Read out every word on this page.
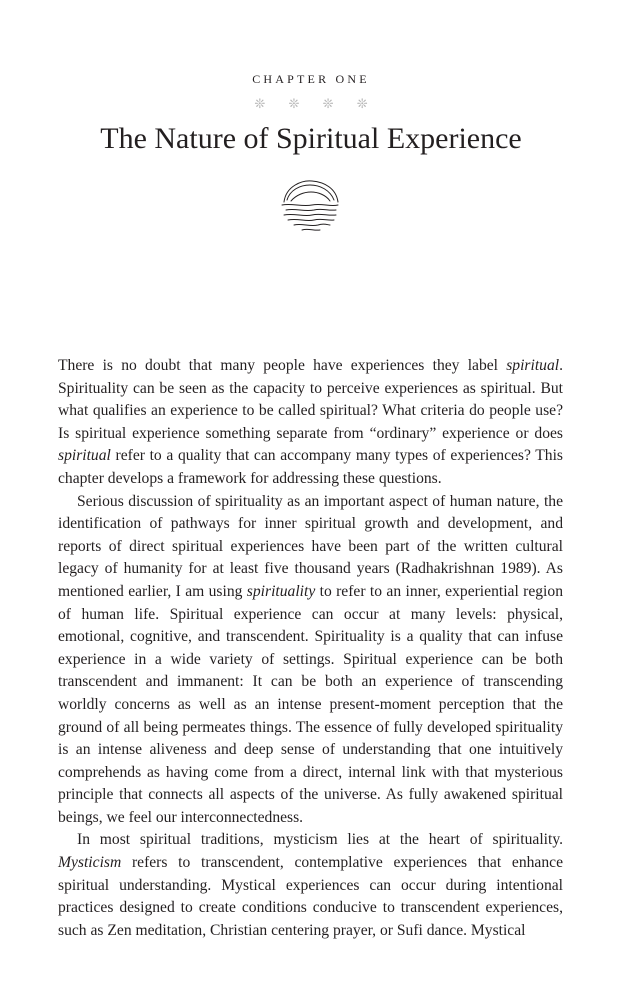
CHAPTER ONE
❊ ❊ ❊ ❊
The Nature of Spiritual Experience

There is no doubt that many people have experiences they label spiritual. Spirituality can be seen as the capacity to perceive experiences as spiritual. But what qualifies an experience to be called spiritual? What criteria do people use? Is spiritual experience something separate from “ordinary” experience or does spiritual refer to a quality that can accompany many types of experiences? This chapter develops a framework for addressing these questions.

Serious discussion of spirituality as an important aspect of human nature, the identification of pathways for inner spiritual growth and development, and reports of direct spiritual experiences have been part of the written cultural legacy of humanity for at least five thousand years (Radhakrishnan 1989). As mentioned earlier, I am using spirituality to refer to an inner, experiential region of human life. Spiritual experience can occur at many levels: physical, emotional, cognitive, and transcendent. Spirituality is a quality that can infuse experience in a wide variety of settings. Spiritual experience can be both transcendent and immanent: It can be both an experience of transcending worldly concerns as well as an intense present-moment perception that the ground of all being permeates things. The essence of fully developed spirituality is an intense aliveness and deep sense of understanding that one intuitively comprehends as having come from a direct, internal link with that mysterious principle that connects all aspects of the universe. As fully awakened spiritual beings, we feel our interconnectedness.

In most spiritual traditions, mysticism lies at the heart of spirituality. Mysticism refers to transcendent, contemplative experiences that enhance spiritual understanding. Mystical experiences can occur during intentional practices designed to create conditions conducive to transcendent experiences, such as Zen meditation, Christian centering prayer, or Sufi dance. Mystical
